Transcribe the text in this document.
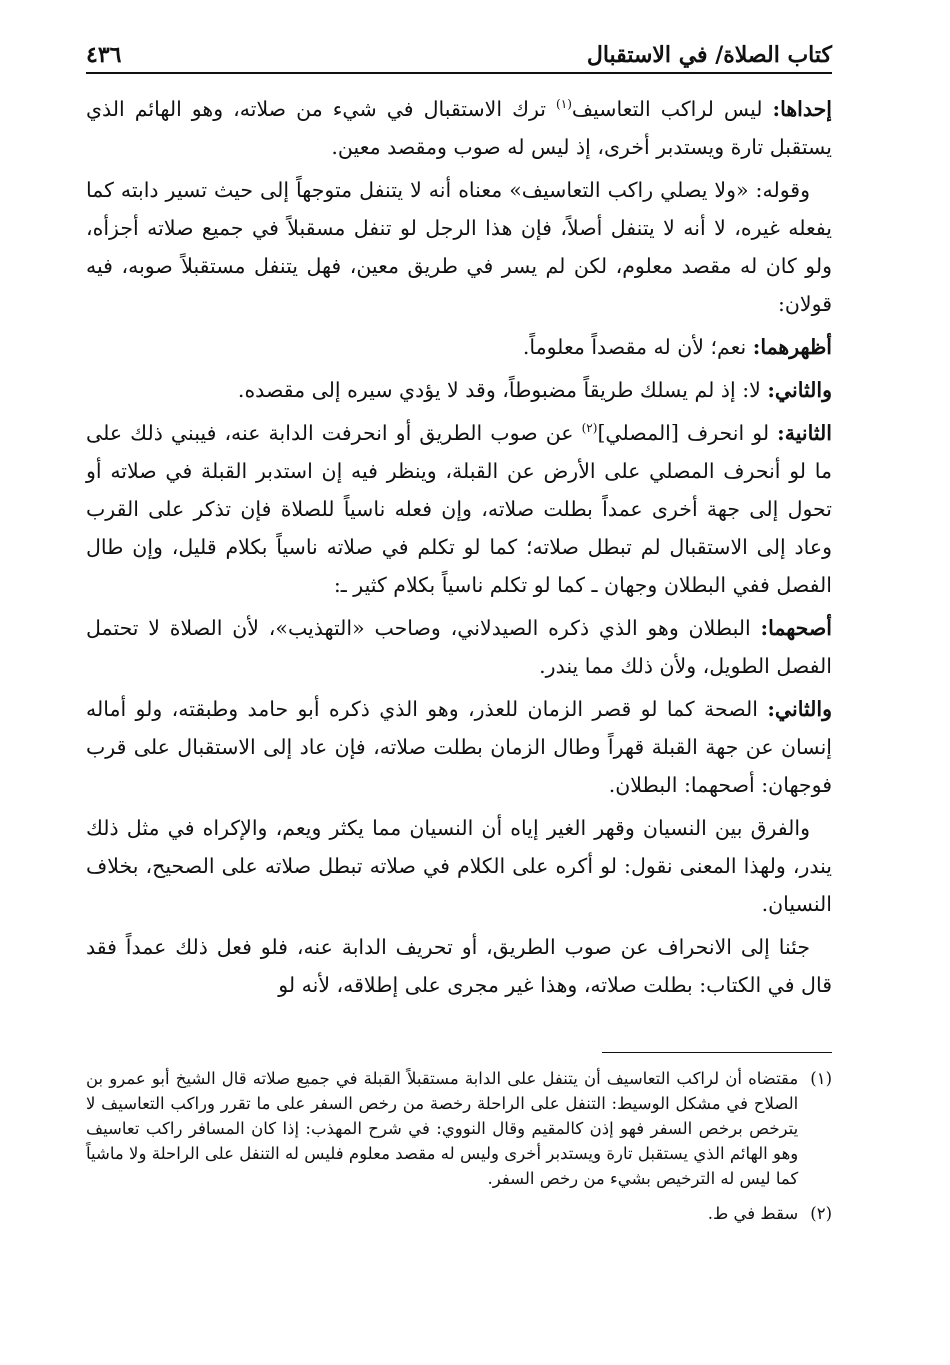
كتاب الصلاة/ في الاستقبال
٤٣٦

إحداها: ليس لراكب التعاسيف$^{(١)}$ ترك الاستقبال في شيء من صلاته، وهو الهائم الذي يستقبل تارة ويستدبر أخرى، إذ ليس له صوب ومقصد معين.

وقوله: «ولا يصلي راكب التعاسيف» معناه أنه لا يتنفل متوجهاً إلى حيث تسير دابته كما يفعله غيره، لا أنه لا يتنفل أصلاً، فإن هذا الرجل لو تنفل مسقبلاً في جميع صلاته أجزأه، ولو كان له مقصد معلوم، لكن لم يسر في طريق معين، فهل يتنفل مستقبلاً صوبه، فيه قولان:

أظهرهما: نعم؛ لأن له مقصداً معلوماً.

والثاني: لا: إذ لم يسلك طريقاً مضبوطاً، وقد لا يؤدي سيره إلى مقصده.

الثانية: لو انحرف [المصلي]$^{(٢)}$ عن صوب الطريق أو انحرفت الدابة عنه، فيبني ذلك على ما لو أنحرف المصلي على الأرض عن القبلة، وينظر فيه إن استدبر القبلة في صلاته أو تحول إلى جهة أخرى عمداً بطلت صلاته، وإن فعله ناسياً للصلاة فإن تذكر على القرب وعاد إلى الاستقبال لم تبطل صلاته؛ كما لو تكلم في صلاته ناسياً بكلام قليل، وإن طال الفصل ففي البطلان وجهان ـ كما لو تكلم ناسياً بكلام كثير ـ:

أصحهما: البطلان وهو الذي ذكره الصيدلاني، وصاحب «التهذيب»، لأن الصلاة لا تحتمل الفصل الطويل، ولأن ذلك مما يندر.

والثاني: الصحة كما لو قصر الزمان للعذر، وهو الذي ذكره أبو حامد وطبقته، ولو أماله إنسان عن جهة القبلة قهراً وطال الزمان بطلت صلاته، فإن عاد إلى الاستقبال على قرب فوجهان: أصحهما: البطلان.

والفرق بين النسيان وقهر الغير إياه أن النسيان مما يكثر ويعم، والإكراه في مثل ذلك يندر، ولهذا المعنى نقول: لو أكره على الكلام في صلاته تبطل صلاته على الصحيح، بخلاف النسيان.

جئنا إلى الانحراف عن صوب الطريق، أو تحريف الدابة عنه، فلو فعل ذلك عمداً فقد قال في الكتاب: بطلت صلاته، وهذا غير مجرى على إطلاقه، لأنه لو

(١)
مقتضاه أن لراكب التعاسيف أن يتنفل على الدابة مستقبلاً القبلة في جميع صلاته قال الشيخ أبو عمرو بن الصلاح في مشكل الوسيط: التنفل على الراحلة رخصة من رخص السفر على ما تقرر وراكب التعاسيف لا يترخص برخص السفر فهو إذن كالمقيم وقال النووي: في شرح المهذب: إذا كان المسافر راكب تعاسيف وهو الهائم الذي يستقبل تارة ويستدبر أخرى وليس له مقصد معلوم فليس له التنفل على الراحلة ولا ماشياً كما ليس له الترخيص بشيء من رخص السفر.
(٢)
سقط في ط.
